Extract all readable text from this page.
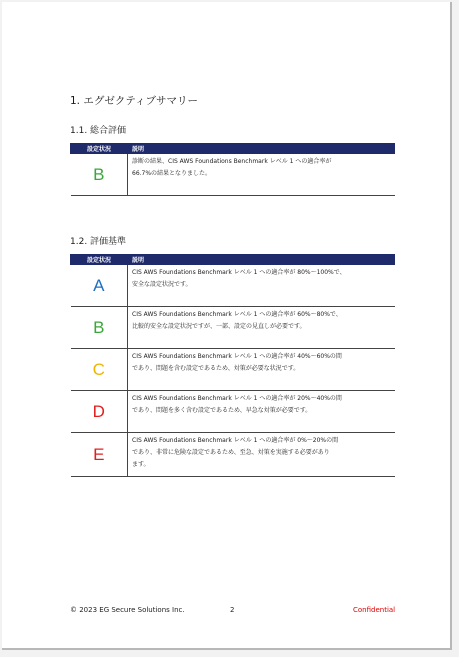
1. エグゼクティブサマリー
1.1. 総合評価
設定状況	説明
B	診断の結果、CIS AWS Foundations Benchmark レベル 1 への適合率が
66.7%の結果となりました。
1.2. 評価基準
設定状況	説明
A	CIS AWS Foundations Benchmark レベル 1 への適合率が 80%～100%で、
安全な設定状況です。

B	CIS AWS Foundations Benchmark レベル 1 への適合率が 60%～80%で、
比較的安全な設定状況ですが、一部、設定の見直しが必要です。

C	CIS AWS Foundations Benchmark レベル 1 への適合率が 40%～60%の間
であり、問題を含む設定であるため、対策が必要な状況です。

D	CIS AWS Foundations Benchmark レベル 1 への適合率が 20%～40%の間
であり、問題を多く含む設定であるため、早急な対策が必要です。

E	CIS AWS Foundations Benchmark レベル 1 への適合率が 0%～20%の間
であり、非常に危険な設定であるため、至急、対策を実施する必要があり
ます。
© 2023 EG Secure Solutions Inc.	2	Confidential
